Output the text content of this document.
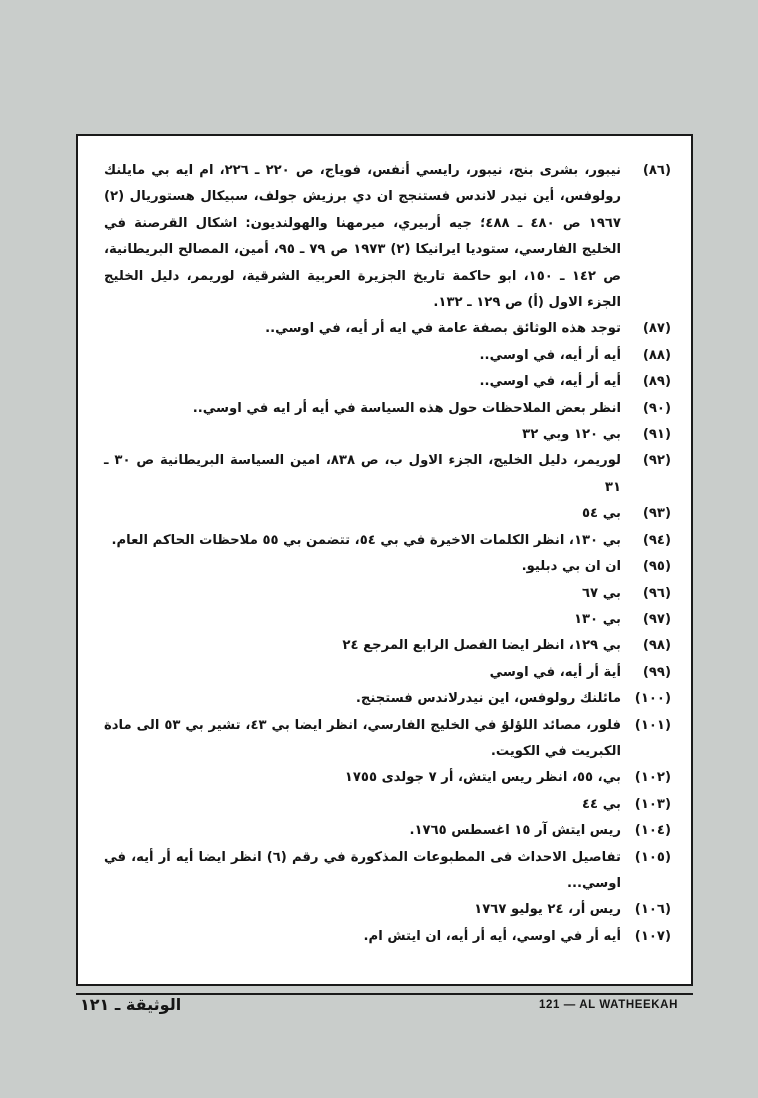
(٨٦)
نيبور، بشرى بنج، نيبور، رايسي أنفس، فوياج، ص ٢٢٠ ـ ٢٢٦، ام ايه بي مايلنك رولوفس، أين نيدر لاندس فستنجج ان دي برزيش جولف، سبيكال هستوريال (٢) ١٩٦٧ ص ٤٨٠ ـ ٤٨٨؛ جيه أربيري، ميرمهنا والهولنديون: اشكال القرصنة في الخليج الفارسي، ستوديا ايرانيكا (٢) ١٩٧٣ ص ٧٩ ـ ٩٥، أمين، المصالح البريطانية، ص ١٤٢ ـ ١٥٠، ابو حاكمة تاريخ الجزيرة العربية الشرقية، لوريمر، دليل الخليج الجزء الاول (أ) ص ١٢٩ ـ ١٣٢.
(٨٧)
توجد هذه الوثائق بصفة عامة في ايه أر أيه، في اوسي..
(٨٨)
أيه أر أيه، في اوسي..
(٨٩)
أيه أر أيه، في اوسي..
(٩٠)
انظر بعض الملاحظات حول هذه السياسة في أيه أر ايه في اوسي..
(٩١)
بي ١٢٠ وبي ٣٢
(٩٢)
لوريمر، دليل الخليج، الجزء الاول ب، ص ٨٣٨، امين السياسة البريطانية ص ٣٠ ـ ٣١
(٩٣)
بي ٥٤
(٩٤)
بي ١٣٠، انظر الكلمات الاخيرة في بي ٥٤، تتضمن بي ٥٥ ملاحظات الحاكم العام.
(٩٥)
ان ان بي دبليو.
(٩٦)
بي ٦٧
(٩٧)
بي ١٣٠
(٩٨)
بي ١٢٩، انظر ايضا الفصل الرابع المرجع ٢٤
(٩٩)
أية أر أيه، في اوسي
(١٠٠)
مائلنك رولوفس، اين نيدرلاندس فستجنج.
(١٠١)
فلور، مصائد اللؤلؤ في الخليج الفارسي، انظر ايضا بي ٤٣، تشير بي ٥٣ الى مادة الكبريت في الكويت.
(١٠٢)
بي، ٥٥، انظر ريس ايتش، أر ٧ جولدى ١٧٥٥
(١٠٣)
بي ٤٤
(١٠٤)
ريس ايتش آر ١٥ اغسطس ١٧٦٥.
(١٠٥)
تفاصيل الاحداث فى المطبوعات المذكورة في رقم (٦) انظر ايضا أيه أر أيه، في اوسي...
(١٠٦)
ريس أر، ٢٤ يوليو ١٧٦٧
(١٠٧)
أيه أر في اوسي، أيه أر أيه، ان ايتش ام.
الوثيقة ـ ١٢١	121 — AL WATHEEKAH
